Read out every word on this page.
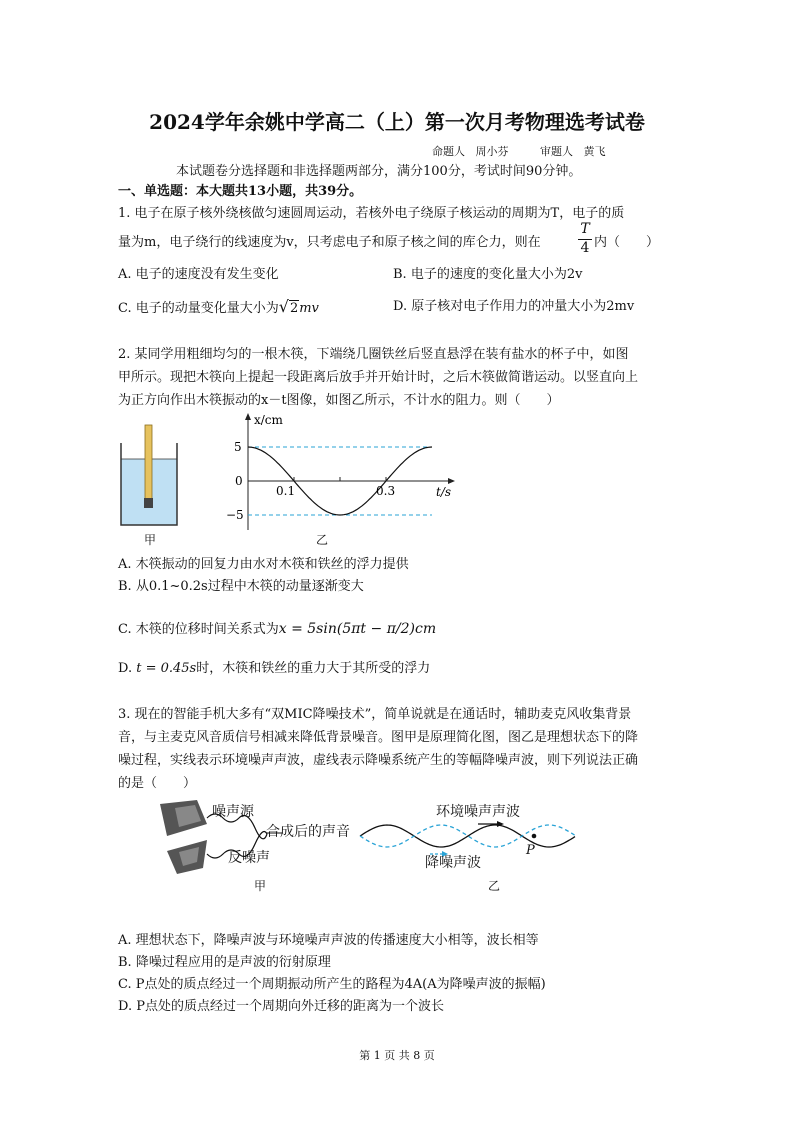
2024学年余姚中学高二（上）第一次月考物理选考试卷
命题人 周小芬	审题人 黄飞
本试题卷分选择题和非选择题两部分，满分100分，考试时间90分钟。
一、单选题：本大题共13小题，共39分。
1. 电子在原子核外绕核做匀速圆周运动，若核外电子绕原子核运动的周期为T，电子的质
量为m，电子绕行的线速度为v，只考虑电子和原子核之间的库仑力，则在
T
4 内（　　）
A. 电子的速度没有发生变化	B. 电子的速度的变化量大小为2v
C. 电子的动量变化量大小为√2mv	D. 原子核对电子作用力的冲量大小为2mv
2. 某同学用粗细均匀的一根木筷，下端绕几圈铁丝后竖直悬浮在装有盐水的杯子中，如图
甲所示。现把木筷向上提起一段距离后放手并开始计时，之后木筷做简谐运动。以竖直向上
为正方向作出木筷振动的x－t图像，如图乙所示，不计水的阻力。则（　　）
甲
x/cm
t/s
5
0
−5
0.1	0.3
乙
A. 木筷振动的回复力由水对木筷和铁丝的浮力提供
B. 从0.1~0.2s过程中木筷的动量逐渐变大
C. 木筷的位移时间关系式为x = 5sin(5πt − π/2)cm
D. t = 0.45s时，木筷和铁丝的重力大于其所受的浮力
3. 现在的智能手机大多有“双MIC降噪技术”，简单说就是在通话时，辅助麦克风收集背景
音，与主麦克风音质信号相减来降低背景噪音。图甲是原理简化图，图乙是理想状态下的降
噪过程，实线表示环境噪声声波，虚线表示降噪系统产生的等幅降噪声波，则下列说法正确
的是（　　）
噪声源
合成后的声音
反噪声
甲
环境噪声声波
P
降噪声波
乙
A. 理想状态下，降噪声波与环境噪声声波的传播速度大小相等，波长相等
B. 降噪过程应用的是声波的衍射原理
C. P点处的质点经过一个周期振动所产生的路程为4A(A为降噪声波的振幅)
D. P点处的质点经过一个周期向外迁移的距离为一个波长
第 1 页 共 8 页
